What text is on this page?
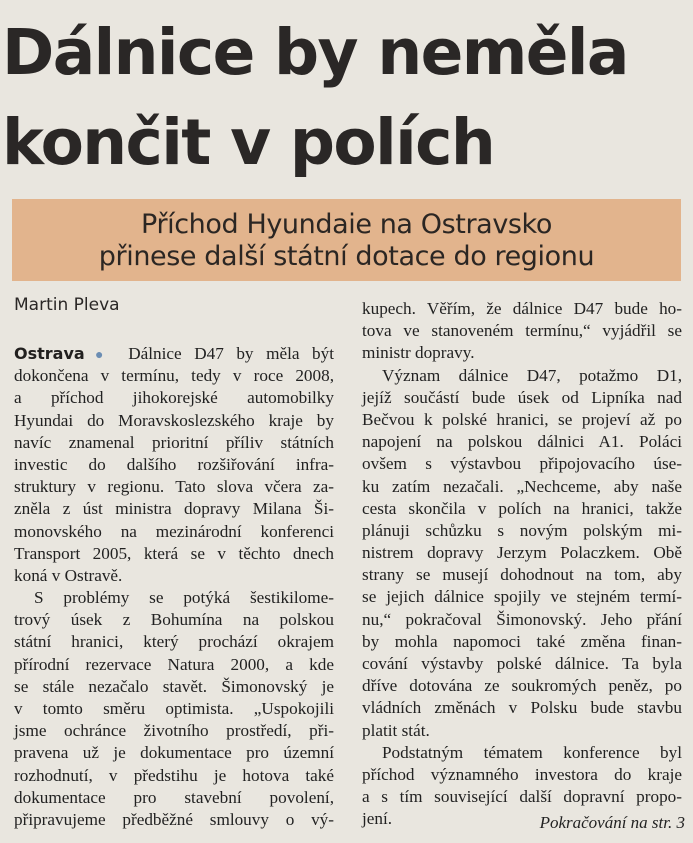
Dálnice by neměla
končit v polích
Příchod Hyundaie na Ostravsko
přinese další státní dotace do regionu
Martin Pleva
Ostrava ● Dálnice D47 by měla být
dokončena v termínu, tedy v roce 2008,
a příchod jihokorejské automobilky
Hyundai do Moravskoslezského kraje by
navíc znamenal prioritní příliv státních
investic do dalšího rozšiřování infra-
struktury v regionu. Tato slova včera za-
zněla z úst ministra dopravy Milana Ši-
monovského na mezinárodní konferenci
Transport 2005, která se v těchto dnech
koná v Ostravě.
S problémy se potýká šestikilome-
trový úsek z Bohumína na polskou
státní hranici, který prochází okrajem
přírodní rezervace Natura 2000, a kde
se stále nezačalo stavět. Šimonovský je
v tomto směru optimista. „Uspokojili
jsme ochránce životního prostředí, při-
pravena už je dokumentace pro územní
rozhodnutí, v předstihu je hotova také
dokumentace pro stavební povolení,
připravujeme předběžné smlouvy o vý-
kupech. Věřím, že dálnice D47 bude ho-
tova ve stanoveném termínu,“ vyjádřil se
ministr dopravy.
Význam dálnice D47, potažmo D1,
jejíž součástí bude úsek od Lipníka nad
Bečvou k polské hranici, se projeví až po
napojení na polskou dálnici A1. Poláci
ovšem s výstavbou připojovacího úse-
ku zatím nezačali. „Nechceme, aby naše
cesta skončila v polích na hranici, takže
plánuji schůzku s novým polským mi-
nistrem dopravy Jerzym Polaczkem. Obě
strany se musejí dohodnout na tom, aby
se jejich dálnice spojily ve stejném termí-
nu,“ pokračoval Šimonovský. Jeho přání
by mohla napomoci také změna finan-
cování výstavby polské dálnice. Ta byla
dříve dotována ze soukromých peněz, po
vládních změnách v Polsku bude stavbu
platit stát.
Podstatným tématem konference byl
příchod významného investora do kraje
a s tím související další dopravní propo-
jení.	Pokračování na str. 3
